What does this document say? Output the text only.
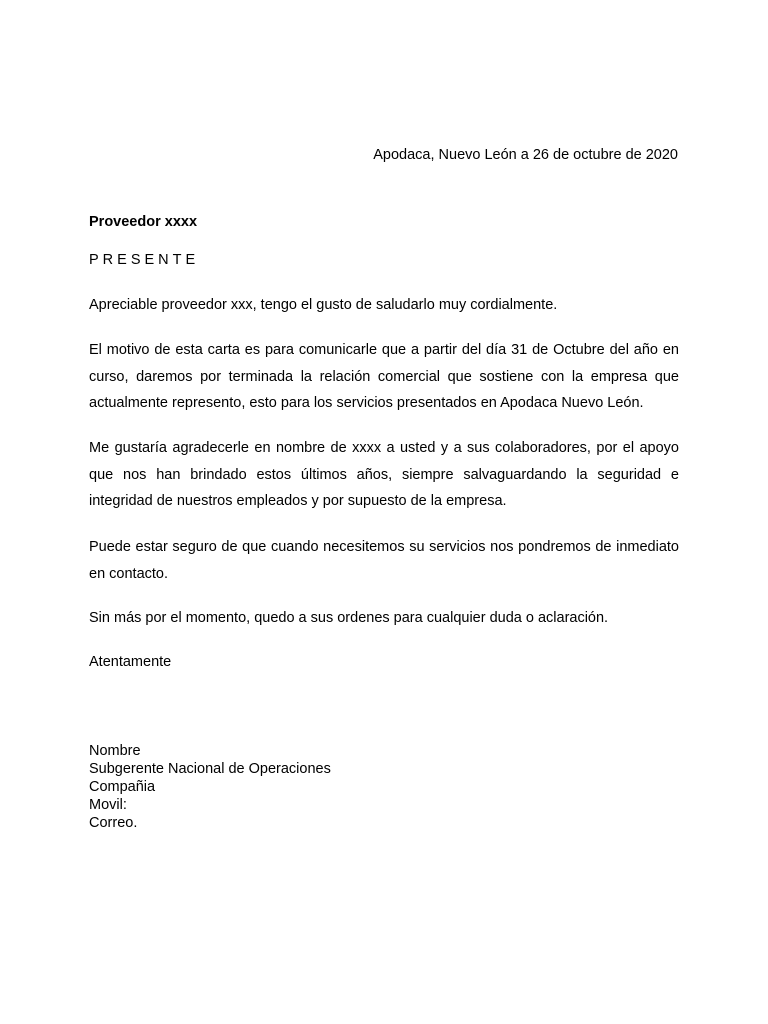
Apodaca, Nuevo León a 26 de octubre de 2020
Proveedor xxxx
PRESENTE

Apreciable proveedor xxx, tengo el gusto de saludarlo muy cordialmente.

El motivo de esta carta es para comunicarle que a partir del día 31 de Octubre del año en curso, daremos por terminada la relación comercial que sostiene con la empresa que actualmente represento, esto para los servicios presentados en Apodaca Nuevo León.

Me gustaría agradecerle en nombre de xxxx a usted y a sus colaboradores, por el apoyo que nos han brindado estos últimos años, siempre salvaguardando la seguridad e integridad de nuestros empleados y por supuesto de la empresa.

Puede estar seguro de que cuando necesitemos su servicios nos pondremos de inmediato en contacto.

Sin más por el momento, quedo a sus ordenes para cualquier duda o aclaración.

Atentamente
Nombre
Subgerente Nacional de Operaciones
Compañia
Movil:
Correo.
